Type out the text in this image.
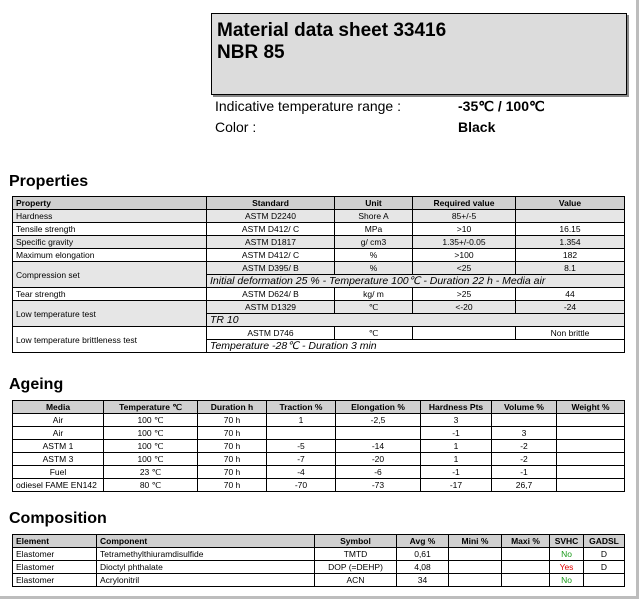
Material data sheet 33416
NBR 85
Indicative temperature range :	-35℃ / 100℃
Color :	Black
Properties
Property	Standard	Unit	Required value	Value
Hardness	ASTM D2240	Shore A	85+/-5	
Tensile strength	ASTM D412/ C	MPa	>10	16.15
Specific gravity	ASTM D1817	g/ cm3	1.35+/-0.05	1.354
Maximum elongation	ASTM D412/ C	%	>100	182
Compression set	ASTM D395/ B	%	<25	8.1
	Initial deformation 25 % - Temperature 100℃ - Duration 22 h - Media air			
Tear strength	ASTM D624/ B	kg/ m	>25	44
Low temperature test	ASTM D1329	℃	<-20	-24
	TR 10			
Low temperature brittleness test	ASTM D746	℃		Non brittle
	Temperature -28℃ - Duration 3 min			
Ageing
Media	Temperature ℃	Duration h	Traction %	Elongation %	Hardness Pts	Volume %	Weight %
Air	100 ℃	70 h	1	-2,5	3		
Air	100 ℃	70 h			-1	3	
ASTM 1	100 ℃	70 h	-5	-14	1	-2	
ASTM 3	100 ℃	70 h	-7	-20	1	-2	
Fuel	23 ℃	70 h	-4	-6	-1	-1	
odiesel FAME EN142	80 ℃	70 h	-70	-73	-17	26,7	
Composition
Element	Component	Symbol	Avg %	Mini %	Maxi %	SVHC	GADSL
Elastomer	Tetramethylthiuramdisulfide	TMTD	0,61			No	D
Elastomer	Dioctyl phthalate	DOP (=DEHP)	4,08			Yes	D
Elastomer	Acrylonitril	ACN	34			No	
